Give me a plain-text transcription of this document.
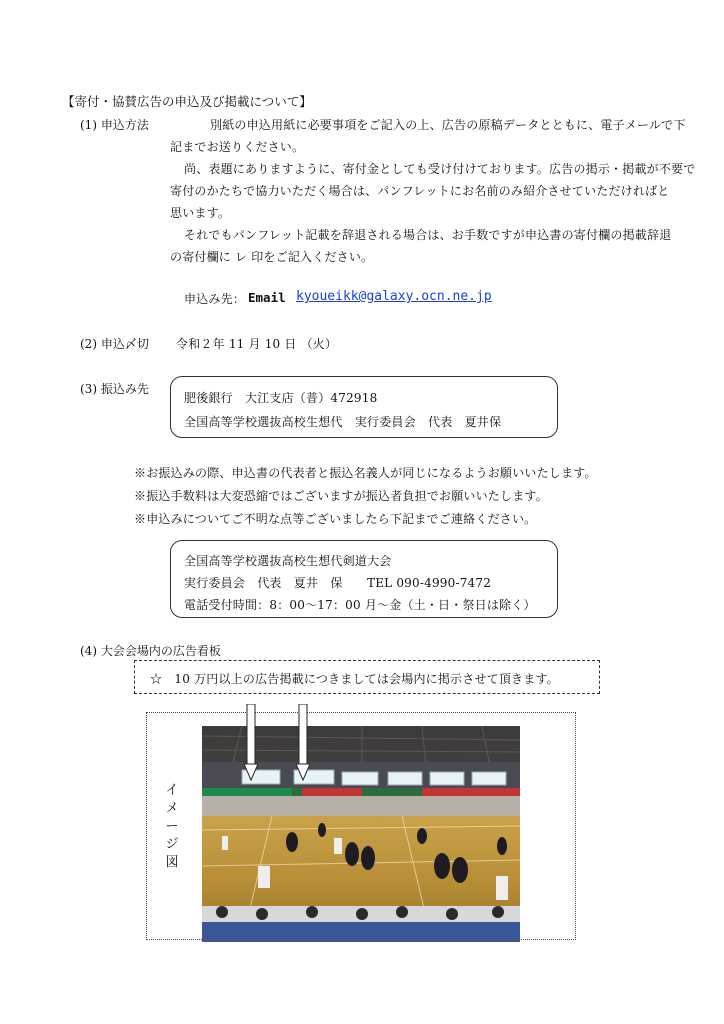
【寄付・協賛広告の申込及び掲載について】
(1) 申込方法	別紙の申込用紙に必要事項をご記入の上、広告の原稿データとともに、電子メールで下
記までお送りください。
尚、表題にありますように、寄付金としても受け付けております。広告の掲示・掲載が不要で
寄付のかたちで協力いただく場合は、パンフレットにお名前のみ紹介させていただければと
思います。
それでもパンフレット記載を辞退される場合は、お手数ですが申込書の寄付欄の掲載辞退
の寄付欄に レ 印をご記入ください。
申込み先： Email kyoueikk@galaxy.ocn.ne.jp
(2) 申込〆切 令和２年 11 月 10 日 （火）
(3) 振込み先
肥後銀行　大江支店（普）472918
全国高等学校選抜高校生想代　実行委員会　代表　夏井保
※お振込みの際、申込書の代表者と振込名義人が同じになるようお願いいたします。
※振込手数料は大変恐縮ではございますが振込者負担でお願いいたします。
※申込みについてご不明な点等ございましたら下記までご連絡ください。
全国高等学校選抜高校生想代剣道大会
実行委員会　代表　夏井　保　　TEL 090-4990-7472
電話受付時間：8：00〜17：00 月〜金（土・日・祭日は除く）
(4) 大会会場内の広告看板
☆　10 万円以上の広告掲載につきましては会場内に掲示させて頂きます。
イメージ図
